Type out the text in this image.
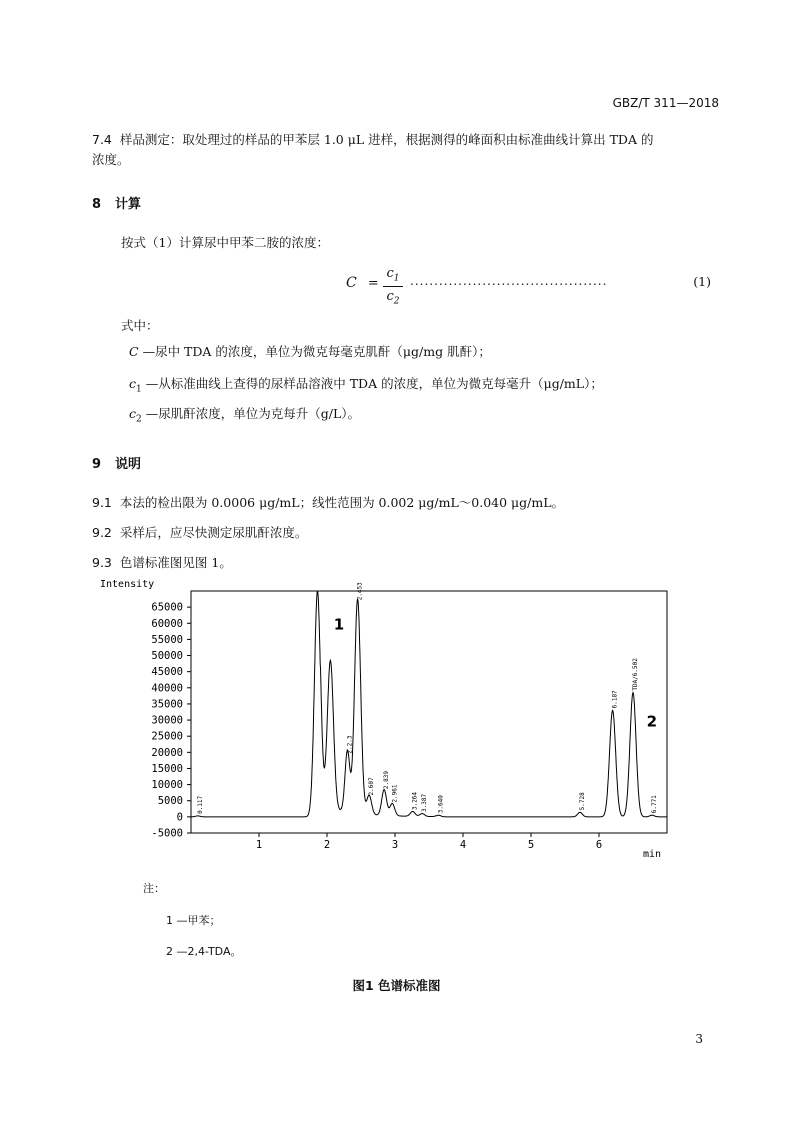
GBZ/T 311—2018
7.4 样品测定：取处理过的样品的甲苯层 1.0 μL 进样，根据测得的峰面积由标准曲线计算出 TDA 的
浓度。
8 计算
按式（1）计算尿中甲苯二胺的浓度：
C =
$c_1$
$c_2$
.........................................	(1)
式中：
C —尿中 TDA 的浓度，单位为微克每毫克肌酐（μg/mg 肌酐）；
$c_1$ —从标准曲线上查得的尿样品溶液中 TDA 的浓度，单位为微克每毫升（μg/mL）；
$c_2$ —尿肌酐浓度，单位为克每升（g/L）。
9 说明
9.1 本法的检出限为 0.0006 μg/mL；线性范围为 0.002 μg/mL～0.040 μg/mL。
9.2 采样后，应尽快测定尿肌酐浓度。
9.3 色谱标准图见图 1。
Intensity
min
-5000
0
5000
10000
15000
20000
25000
30000
35000
40000
45000
50000
55000
60000
65000
1	2	3	4	5	6
0.117
2.2.3
2.453
2.607 2.839
2.961 3.264 3.387 3.640	5.728
6.187
TDA/6.502
6.771
1
2
注：
1 —甲苯；
2 —2,4-TDA。
图1 色谱标准图
3
